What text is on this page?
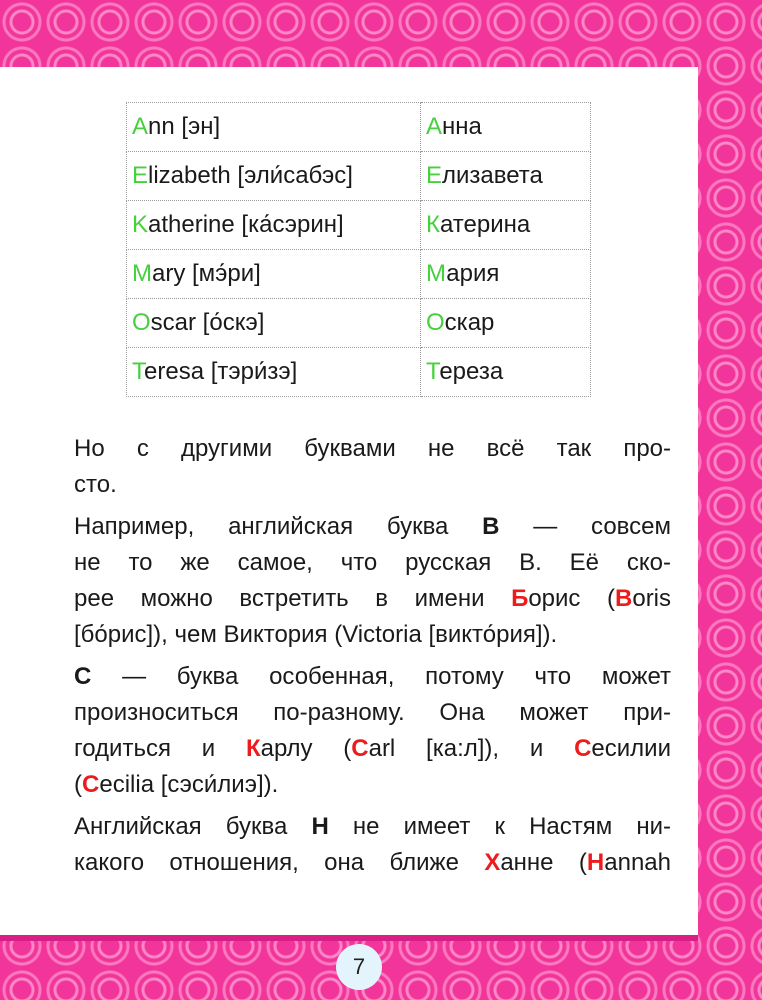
Ann [эн]	Анна
Elizabeth [эли́сабэс]	Елизавета
Katherine [ка́сэрин]	Катерина
Mary [мэ́ри]	Мария
Oscar [о́скэ]	Оскар
Teresa [тэри́зэ]	Тереза
Но с другими буквами не всё так про-
сто.
Например, английская буква B — совсем
не то же самое, что русская В. Её ско-
рее можно встретить в имени Борис (Boris
[бо́рис]), чем Виктория (Victoria [викто́рия]).
C — буква особенная, потому что может
произноситься по-разному. Она может при-
годиться и Карлу (Carl [ка:л]), и Сесилии
(Cecilia [сэси́лиэ]).
Английская буква H не имеет к Настям ни-
какого отношения, она ближе Ханне (Hannah
7
